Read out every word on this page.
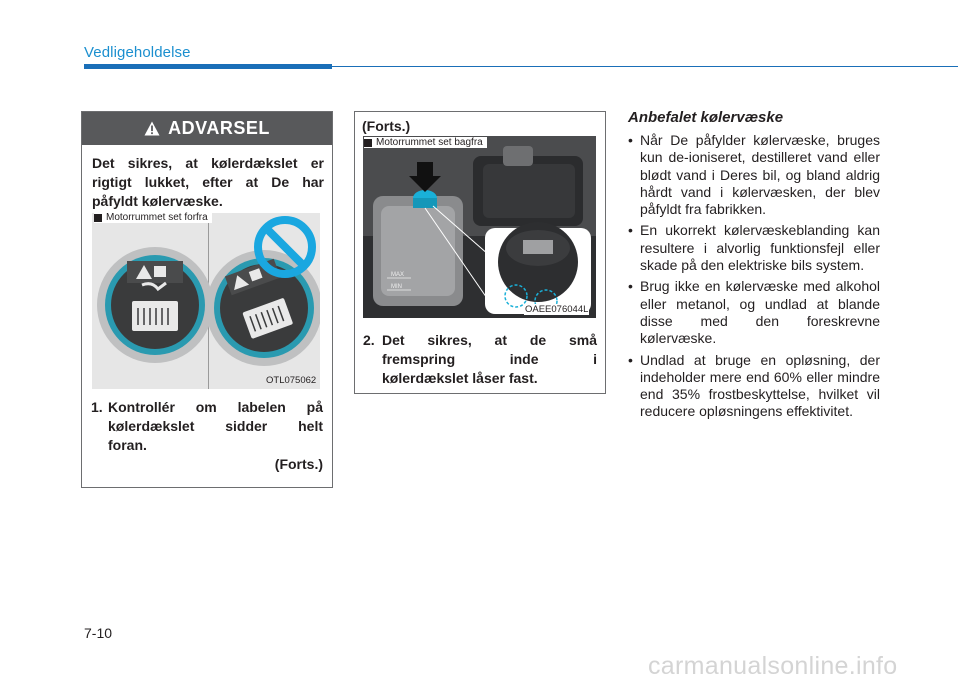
Vedligeholdelse
ADVARSEL
Det sikres, at kølerdækslet er rigtigt lukket, efter at De har påfyldt kølervæske.
Motorrummet set forfra
OTL075062
1. Kontrollér om labelen på
kølerdækslet sidder helt
foran.
(Forts.)
(Forts.)
MAX
MIN
Motorrummet set bagfra
OAEE076044L
2. Det sikres, at de små
fremspring inde i
kølerdækslet låser fast.
Anbefalet kølervæske
• Når De påfylder kølervæske, bruges kun de-ioniseret, destilleret vand eller blødt vand i Deres bil, og bland aldrig hårdt vand i kølervæsken, der blev påfyldt fra fabrikken.
• En ukorrekt kølervæskeblanding kan resultere i alvorlig funktionsfejl eller skade på den elektriske bils system.
• Brug ikke en kølervæske med alkohol eller metanol, og undlad at blande disse med den foreskrevne kølervæske.
• Undlad at bruge en opløsning, der indeholder mere end 60% eller mindre end 35% frostbeskyttelse, hvilket vil reducere opløsningens effektivitet.
7-10
carmanualsonline.info
